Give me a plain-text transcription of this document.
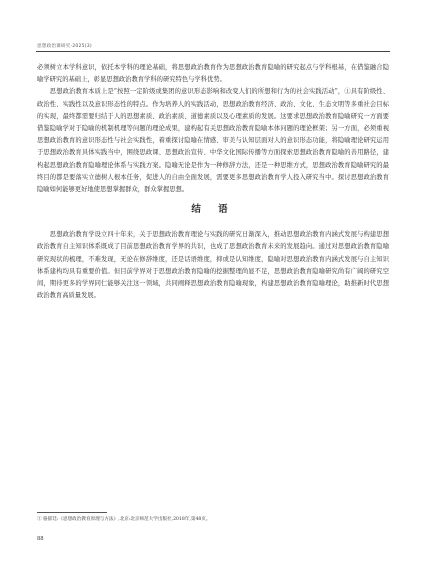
思想政治课研究·2025(3)

必须树立本学科意识，依托本学科的理论基础，将思想政治教育作为思想政治教育隐喻的研究起点与学科根基，在借鉴融合隐喻学研究的基础上，彰显思想政治教育学科的研究特色与学科优势。

思想政治教育本质上是“按照一定阶级或集团的意识形态影响和改变人们的所想和行为的社会实践活动”，①具有阶级性、政治性、实践性以及意识形态性的特点。作为培养人的实践活动，思想政治教育经济、政治、文化、生态文明等多重社会目标的实现，最终都需要归结于人的思想素质、政治素质、道德素质以及心理素质的发展。这要求思想政治教育隐喻研究一方面要借鉴隐喻学对于隐喻的机制机理等问题的理论成果，建构起有关思想政治教育隐喻本体问题的理论框架；另一方面，必须重视思想政治教育的意识形态性与社会实践性，着重探讨隐喻在情感、审美与认知层面对人的意识形态功能，将隐喻理论研究运用于思想政治教育具体实践当中，围绕思政课、思想政治宣传、中华文化国际传播等方面探索思想政治教育隐喻的善用路径，建构起思想政治教育隐喻理论体系与实践方案。隐喻无论是作为一种修辞方法，还是一种思维方式，思想政治教育隐喻研究的最终目的都是要落实立德树人根本任务，促进人的自由全面发展，需要更多思想政治教育学人投入研究当中。探讨思想政治教育隐喻如何能够更好地使思想掌握群众，群众掌握思想。

结 语

思想政治教育学设立四十年来，关于思想政治教育理论与实践的研究日渐深入，推动思想政治教育内涵式发展与构建思想政治教育自主知识体系既成了目前思想政治教育学界的共识，也成了思想政治教育未来的发展趋向。通过对思想政治教育隐喻研究现状的梳理，不难发现，无论在修辞维度，还是话语维度，抑或是认知维度，隐喻对思想政治教育内涵式发展与自主知识体系建构均具有重要价值。但目前学界对于思想政治教育隐喻的挖掘整理尚显不足，思想政治教育隐喻研究尚有广阔的研究空间，期待更多的学界同仁能够关注这一领域，共同阐释思想政治教育隐喻现象，构建思想政治教育隐喻理论，助推新时代思想政治教育高质量发展。

① 骆郁廷:《思想政治教育原理与方法》,北京:北京师范大学出版社,2018年,第48页。
88
